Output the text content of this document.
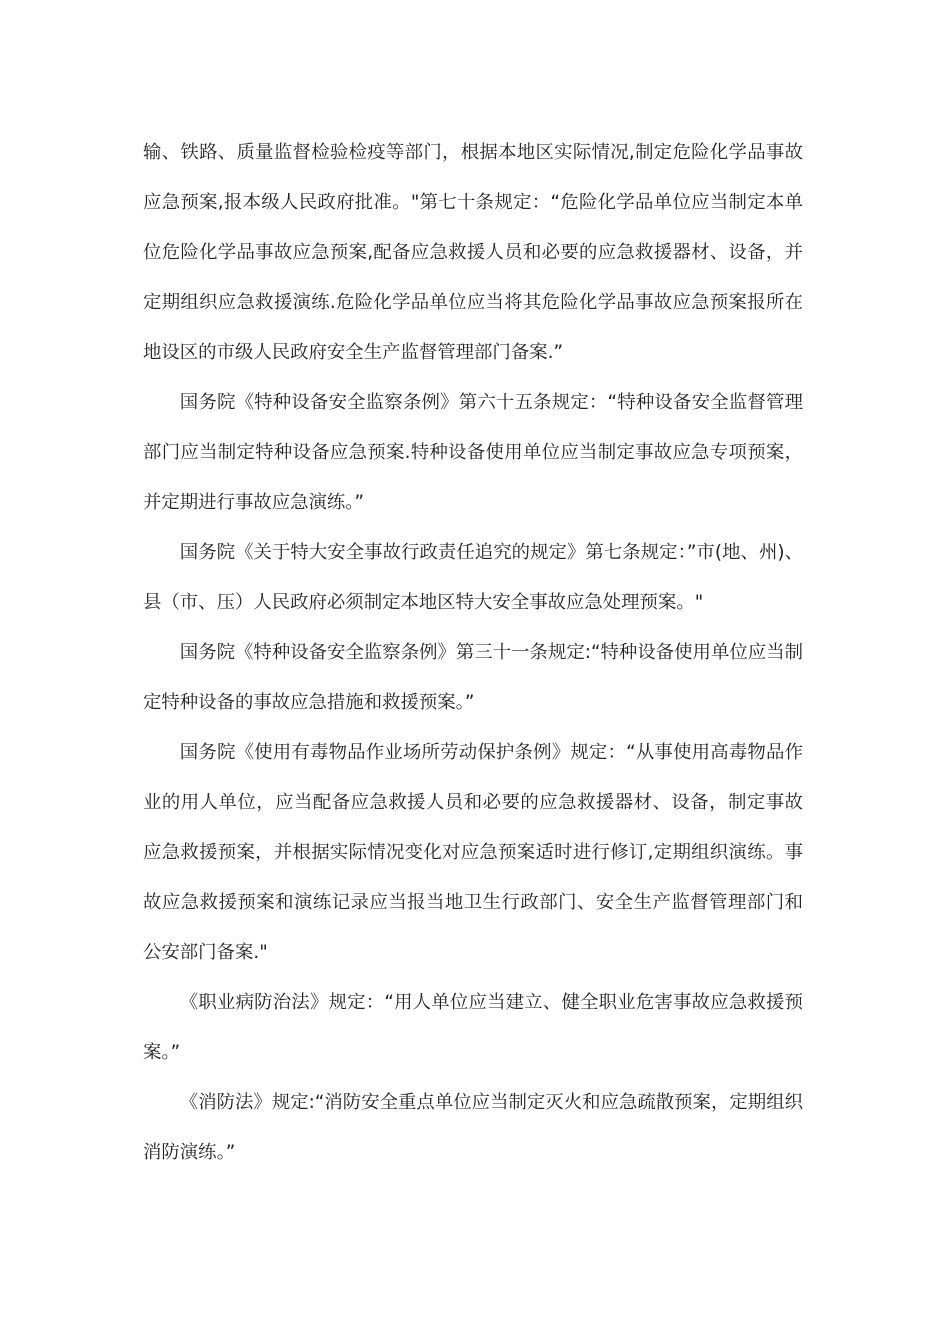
输、铁路、质量监督检验检疫等部门，根据本地区实际情况,制定危险化学品事故应急预案,报本级人民政府批准。"第七十条规定：“危险化学品单位应当制定本单位危险化学品事故应急预案,配备应急救援人员和必要的应急救援器材、设备，并定期组织应急救援演练.危险化学品单位应当将其危险化学品事故应急预案报所在地设区的市级人民政府安全生产监督管理部门备案.”

国务院《特种设备安全监察条例》第六十五条规定：“特种设备安全监督管理部门应当制定特种设备应急预案.特种设备使用单位应当制定事故应急专项预案，并定期进行事故应急演练。”

国务院《关于特大安全事故行政责任追究的规定》第七条规定：”市(地、州)、县（市、压）人民政府必须制定本地区特大安全事故应急处理预案。"

国务院《特种设备安全监察条例》第三十一条规定:“特种设备使用单位应当制定特种设备的事故应急措施和救援预案。”

国务院《使用有毒物品作业场所劳动保护条例》规定：“从事使用高毒物品作业的用人单位，应当配备应急救援人员和必要的应急救援器材、设备，制定事故应急救援预案，并根据实际情况变化对应急预案适时进行修订,定期组织演练。事故应急救援预案和演练记录应当报当地卫生行政部门、安全生产监督管理部门和公安部门备案."

《职业病防治法》规定：“用人单位应当建立、健全职业危害事故应急救援预案。”

《消防法》规定:“消防安全重点单位应当制定灭火和应急疏散预案，定期组织消防演练。”
